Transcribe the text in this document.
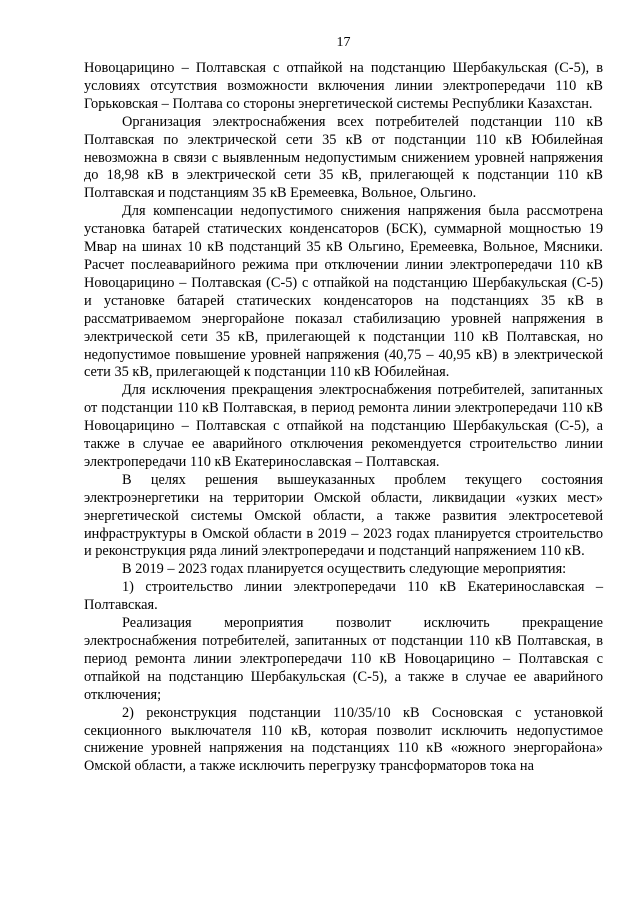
17

Новоцарицино – Полтавская с отпайкой на подстанцию Шербакульская (С-5), в условиях отсутствия возможности включения линии электропередачи 110 кВ Горьковская – Полтава со стороны энергетической системы Республики Казахстан.

Организация электроснабжения всех потребителей подстанции 110 кВ Полтавская по электрической сети 35 кВ от подстанции 110 кВ Юбилейная невозможна в связи с выявленным недопустимым снижением уровней напряжения до 18,98 кВ в электрической сети 35 кВ, прилегающей к подстанции 110 кВ Полтавская и подстанциям 35 кВ Еремеевка, Вольное, Ольгино.

Для компенсации недопустимого снижения напряжения была рассмотрена установка батарей статических конденсаторов (БСК), суммарной мощностью 19 Мвар на шинах 10 кВ подстанций 35 кВ Ольгино, Еремеевка, Вольное, Мясники. Расчет послеаварийного режима при отключении линии электропередачи 110 кВ Новоцарицино – Полтавская (С-5) с отпайкой на подстанцию Шербакульская (С-5) и установке батарей статических конденсаторов на подстанциях 35 кВ в рассматриваемом энергорайоне показал стабилизацию уровней напряжения в электрической сети 35 кВ, прилегающей к подстанции 110 кВ Полтавская, но недопустимое повышение уровней напряжения (40,75 – 40,95 кВ) в электрической сети 35 кВ, прилегающей к подстанции 110 кВ Юбилейная.

Для исключения прекращения электроснабжения потребителей, запитанных от подстанции 110 кВ Полтавская, в период ремонта линии электропередачи 110 кВ Новоцарицино – Полтавская с отпайкой на подстанцию Шербакульская (С-5), а также в случае ее аварийного отключения рекомендуется строительство линии электропередачи 110 кВ Екатеринославская – Полтавская.

В целях решения вышеуказанных проблем текущего состояния электроэнергетики на территории Омской области, ликвидации «узких мест» энергетической системы Омской области, а также развития электросетевой инфраструктуры в Омской области в 2019 – 2023 годах планируется строительство и реконструкция ряда линий электропередачи и подстанций напряжением 110 кВ.

В 2019 – 2023 годах планируется осуществить следующие мероприятия:

1) строительство линии электропередачи 110 кВ Екатеринославская – Полтавская.

Реализация мероприятия позволит исключить прекращение электроснабжения потребителей, запитанных от подстанции 110 кВ Полтавская, в период ремонта линии электропередачи 110 кВ Новоцарицино – Полтавская с отпайкой на подстанцию Шербакульская (С-5), а также в случае ее аварийного отключения;

2) реконструкция подстанции 110/35/10 кВ Сосновская с установкой секционного выключателя 110 кВ, которая позволит исключить недопустимое снижение уровней напряжения на подстанциях 110 кВ «южного энергорайона» Омской области, а также исключить перегрузку трансформаторов тока на
